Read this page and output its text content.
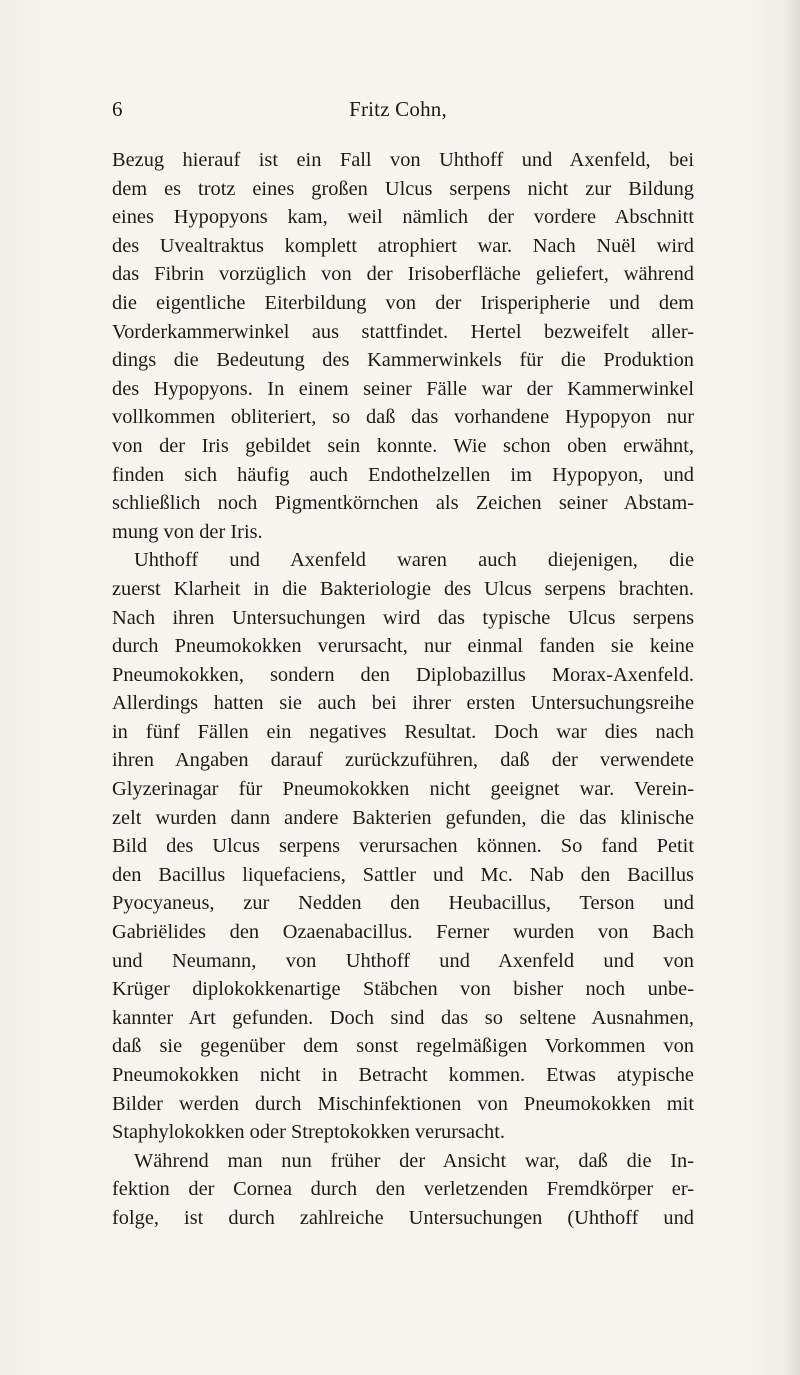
6	Fritz Cohn,
Bezug hierauf ist ein Fall von Uhthoff und Axenfeld, bei
dem es trotz eines großen Ulcus serpens nicht zur Bildung
eines Hypopyons kam, weil nämlich der vordere Abschnitt
des Uvealtraktus komplett atrophiert war. Nach Nuël wird
das Fibrin vorzüglich von der Irisoberfläche geliefert, während
die eigentliche Eiterbildung von der Irisperipherie und dem
Vorderkammerwinkel aus stattfindet. Hertel bezweifelt aller-
dings die Bedeutung des Kammerwinkels für die Produktion
des Hypopyons. In einem seiner Fälle war der Kammerwinkel
vollkommen obliteriert, so daß das vorhandene Hypopyon nur
von der Iris gebildet sein konnte. Wie schon oben erwähnt,
finden sich häufig auch Endothelzellen im Hypopyon, und
schließlich noch Pigmentkörnchen als Zeichen seiner Abstam-
mung von der Iris.
Uhthoff und Axenfeld waren auch diejenigen, die
zuerst Klarheit in die Bakteriologie des Ulcus serpens brachten.
Nach ihren Untersuchungen wird das typische Ulcus serpens
durch Pneumokokken verursacht, nur einmal fanden sie keine
Pneumokokken, sondern den Diplobazillus Morax-Axenfeld.
Allerdings hatten sie auch bei ihrer ersten Untersuchungsreihe
in fünf Fällen ein negatives Resultat. Doch war dies nach
ihren Angaben darauf zurückzuführen, daß der verwendete
Glyzerinagar für Pneumokokken nicht geeignet war. Verein-
zelt wurden dann andere Bakterien gefunden, die das klinische
Bild des Ulcus serpens verursachen können. So fand Petit
den Bacillus liquefaciens, Sattler und Mc. Nab den Bacillus
Pyocyaneus, zur Nedden den Heubacillus, Terson und
Gabriëlides den Ozaenabacillus. Ferner wurden von Bach
und Neumann, von Uhthoff und Axenfeld und von
Krüger diplokokkenartige Stäbchen von bisher noch unbe-
kannter Art gefunden. Doch sind das so seltene Ausnahmen,
daß sie gegenüber dem sonst regelmäßigen Vorkommen von
Pneumokokken nicht in Betracht kommen. Etwas atypische
Bilder werden durch Mischinfektionen von Pneumokokken mit
Staphylokokken oder Streptokokken verursacht.
Während man nun früher der Ansicht war, daß die In-
fektion der Cornea durch den verletzenden Fremdkörper er-
folge, ist durch zahlreiche Untersuchungen (Uhthoff und
